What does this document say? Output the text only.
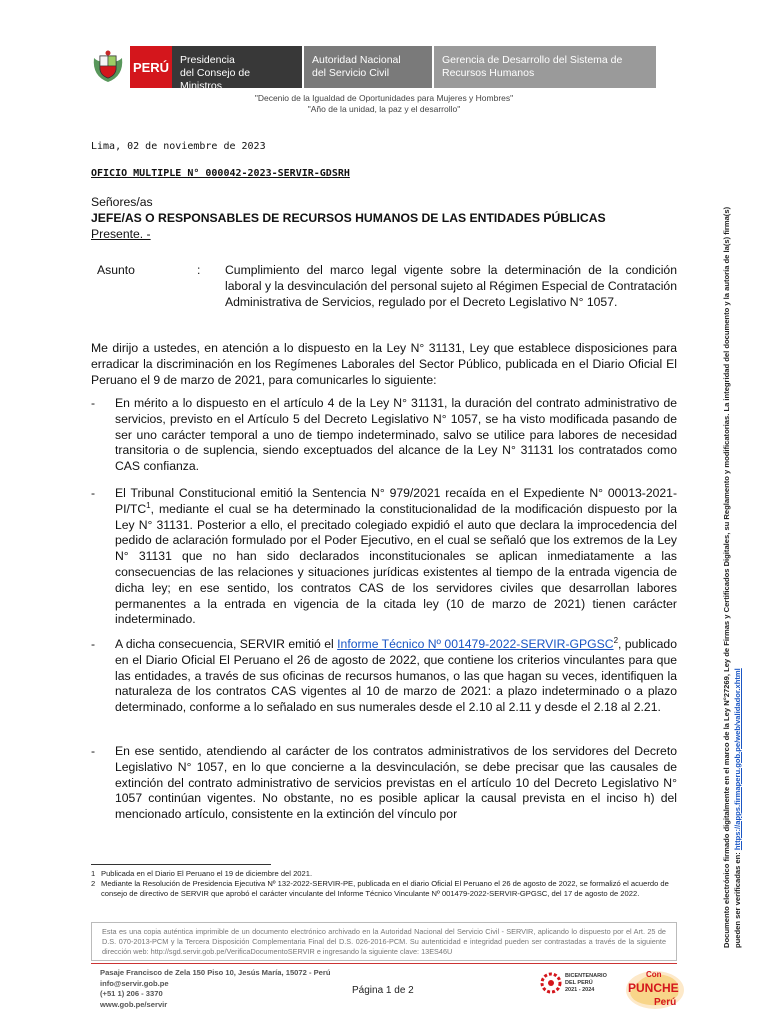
PERÚ Presidencia
del Consejo de Ministros
Autoridad Nacional
del Servicio Civil
Gerencia de Desarrollo del Sistema de
Recursos Humanos
"Decenio de la Igualdad de Oportunidades para Mujeres y Hombres"
"Año de la unidad, la paz y el desarrollo"
Lima, 02 de noviembre de 2023
OFICIO MULTIPLE N° 000042-2023-SERVIR-GDSRH
Señores/as
JEFE/AS O RESPONSABLES DE RECURSOS HUMANOS DE LAS ENTIDADES PÚBLICAS
Presente. -
Asunto	: Cumplimiento del marco legal vigente sobre la determinación de la condición laboral y la desvinculación del personal sujeto al Régimen Especial de Contratación Administrativa de Servicios, regulado por el Decreto Legislativo N° 1057.
Me dirijo a ustedes, en atención a lo dispuesto en la Ley N° 31131, Ley que establece disposiciones para erradicar la discriminación en los Regímenes Laborales del Sector Público, publicada en el Diario Oficial El Peruano el 9 de marzo de 2021, para comunicarles lo siguiente:
- En mérito a lo dispuesto en el artículo 4 de la Ley N° 31131, la duración del contrato administrativo de servicios, previsto en el Artículo 5 del Decreto Legislativo N° 1057, se ha visto modificada pasando de ser uno carácter temporal a uno de tiempo indeterminado, salvo se utilice para labores de necesidad transitoria o de suplencia, siendo exceptuados del alcance de la Ley N° 31131 los contratados como CAS confianza.
- El Tribunal Constitucional emitió la Sentencia N° 979/2021 recaída en el Expediente N° $00013-2021-PI/TC^1$, mediante el cual se ha determinado la constitucionalidad de la modificación dispuesto por la Ley N° 31131. Posterior a ello, el precitado colegiado expidió el auto que declara la improcedencia del pedido de aclaración formulado por el Poder Ejecutivo, en el cual se señaló que los extremos de la Ley N° 31131 que no han sido declarados inconstitucionales se aplican inmediatamente a las consecuencias de las relaciones y situaciones jurídicas existentes al tiempo de la entrada vigencia de dicha ley; en ese sentido, los contratos CAS de los servidores civiles que desarrollan labores permanentes a la entrada en vigencia de la citada ley (10 de marzo de 2021) tienen carácter indeterminado.
- A dicha consecuencia, SERVIR emitió el Informe Técnico Nº 001479-2022-SERVIR-GPGSC$^2$, publicado en el Diario Oficial El Peruano el 26 de agosto de 2022, que contiene los criterios vinculantes para que las entidades, a través de sus oficinas de recursos humanos, o las que hagan su veces, identifiquen la naturaleza de los contratos CAS vigentes al 10 de marzo de 2021: a plazo indeterminado o a plazo determinado, conforme a lo señalado en sus numerales desde el 2.10 al 2.11 y desde el 2.18 al 2.21.
- En ese sentido, atendiendo al carácter de los contratos administrativos de los servidores del Decreto Legislativo N° 1057, en lo que concierne a la desvinculación, se debe precisar que las causales de extinción del contrato administrativo de servicios previstas en el artículo 10 del Decreto Legislativo N° 1057 continúan vigentes. No obstante, no es posible aplicar la causal prevista en el inciso h) del mencionado artículo, consistente en la extinción del vínculo por
1 Publicada en el Diario El Peruano el 19 de diciembre del 2021.
2 Mediante la Resolución de Presidencia Ejecutiva Nº 132-2022-SERVIR-PE, publicada en el diario Oficial El Peruano el 26 de agosto de 2022, se formalizó el acuerdo de consejo de directivo de SERVIR que aprobó el carácter vinculante del Informe Técnico Vinculante Nº 001479-2022-SERVIR-GPGSC, del 17 de agosto de 2022.
Esta es una copia auténtica imprimible de un documento electrónico archivado en la Autoridad Nacional del Servicio Civil - SERVIR, aplicando lo dispuesto por el Art. 25 de D.S. 070-2013-PCM y la Tercera Disposición Complementaria Final del D.S. 026-2016-PCM. Su autenticidad e integridad pueden ser contrastadas a través de la siguiente dirección web: http://sgd.servir.gob.pe/VerificaDocumentoSERVIR e ingresando la siguiente clave: 13ES46U
Pasaje Francisco de Zela 150 Piso 10, Jesús María, 15072 - Perú
info@servir.gob.pe
(+51 1) 206 - 3370
www.gob.pe/servir
Página 1 de 2
BICENTENARIO
DEL PERÚ
2021 - 2024
Con
PUNCHE
Perú
Documento electrónico firmado digitalmente en el marco de la Ley N°27269, Ley de Firmas y Certificados Digitales, su Reglamento y modificatorias. La integridad del documento y la autoría de la(s) firma(s) pueden ser verificadas en: https://apps.firmaperu.gob.pe/web/validador.xhtml
